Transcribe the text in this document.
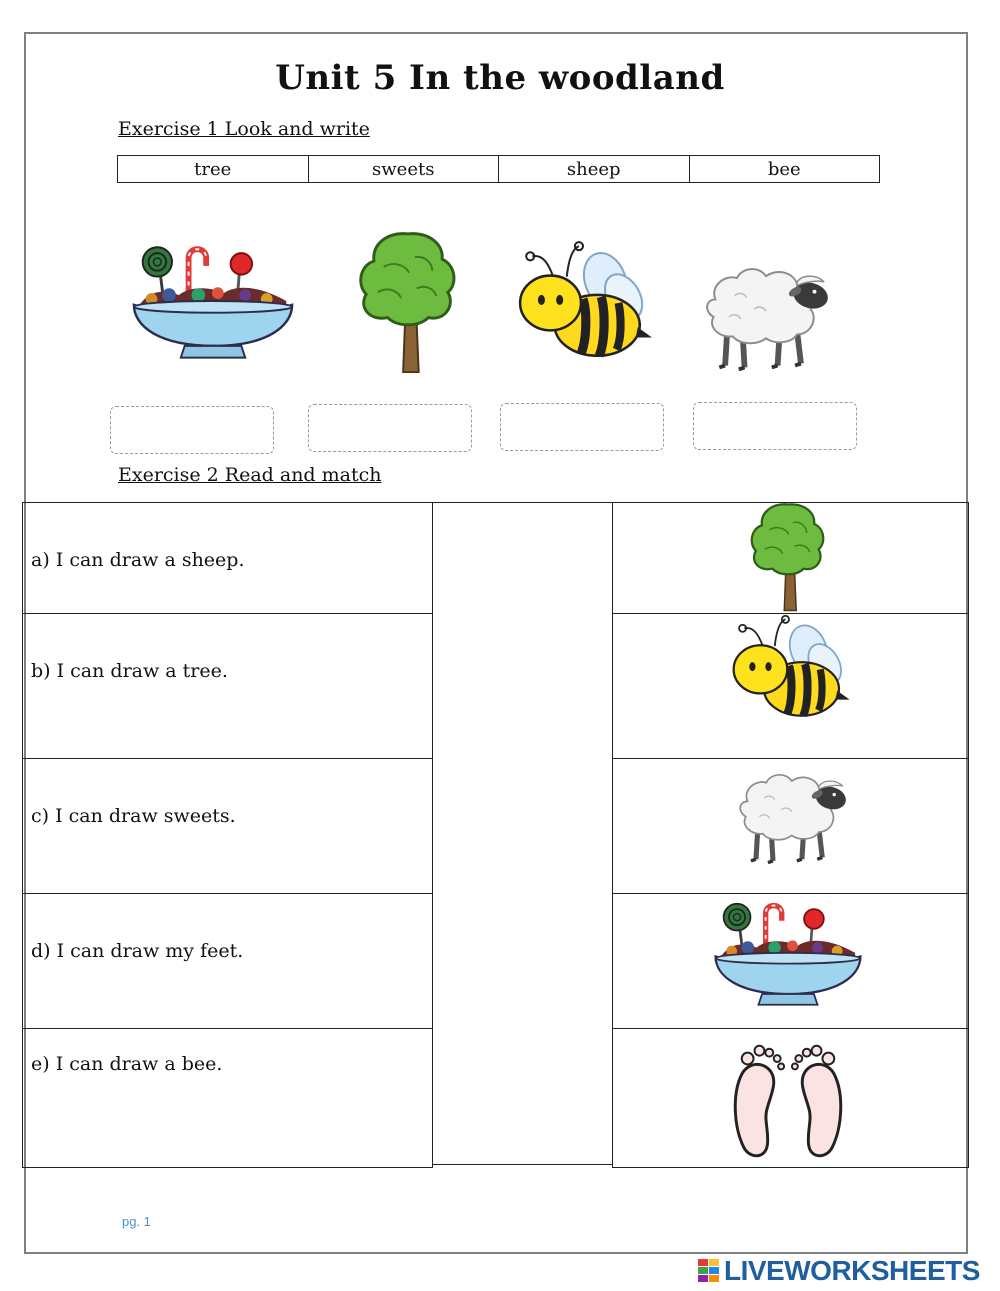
Unit 5 In the woodland

Exercise 1 Look and write

tree	sweets	sheep	bee

Exercise 2 Read and match

a) I can draw a sheep.

b) I can draw a tree.

c) I can draw sweets.

d) I can draw my feet.

e) I can draw a bee.

pg. 1
LIVEWORKSHEETS
